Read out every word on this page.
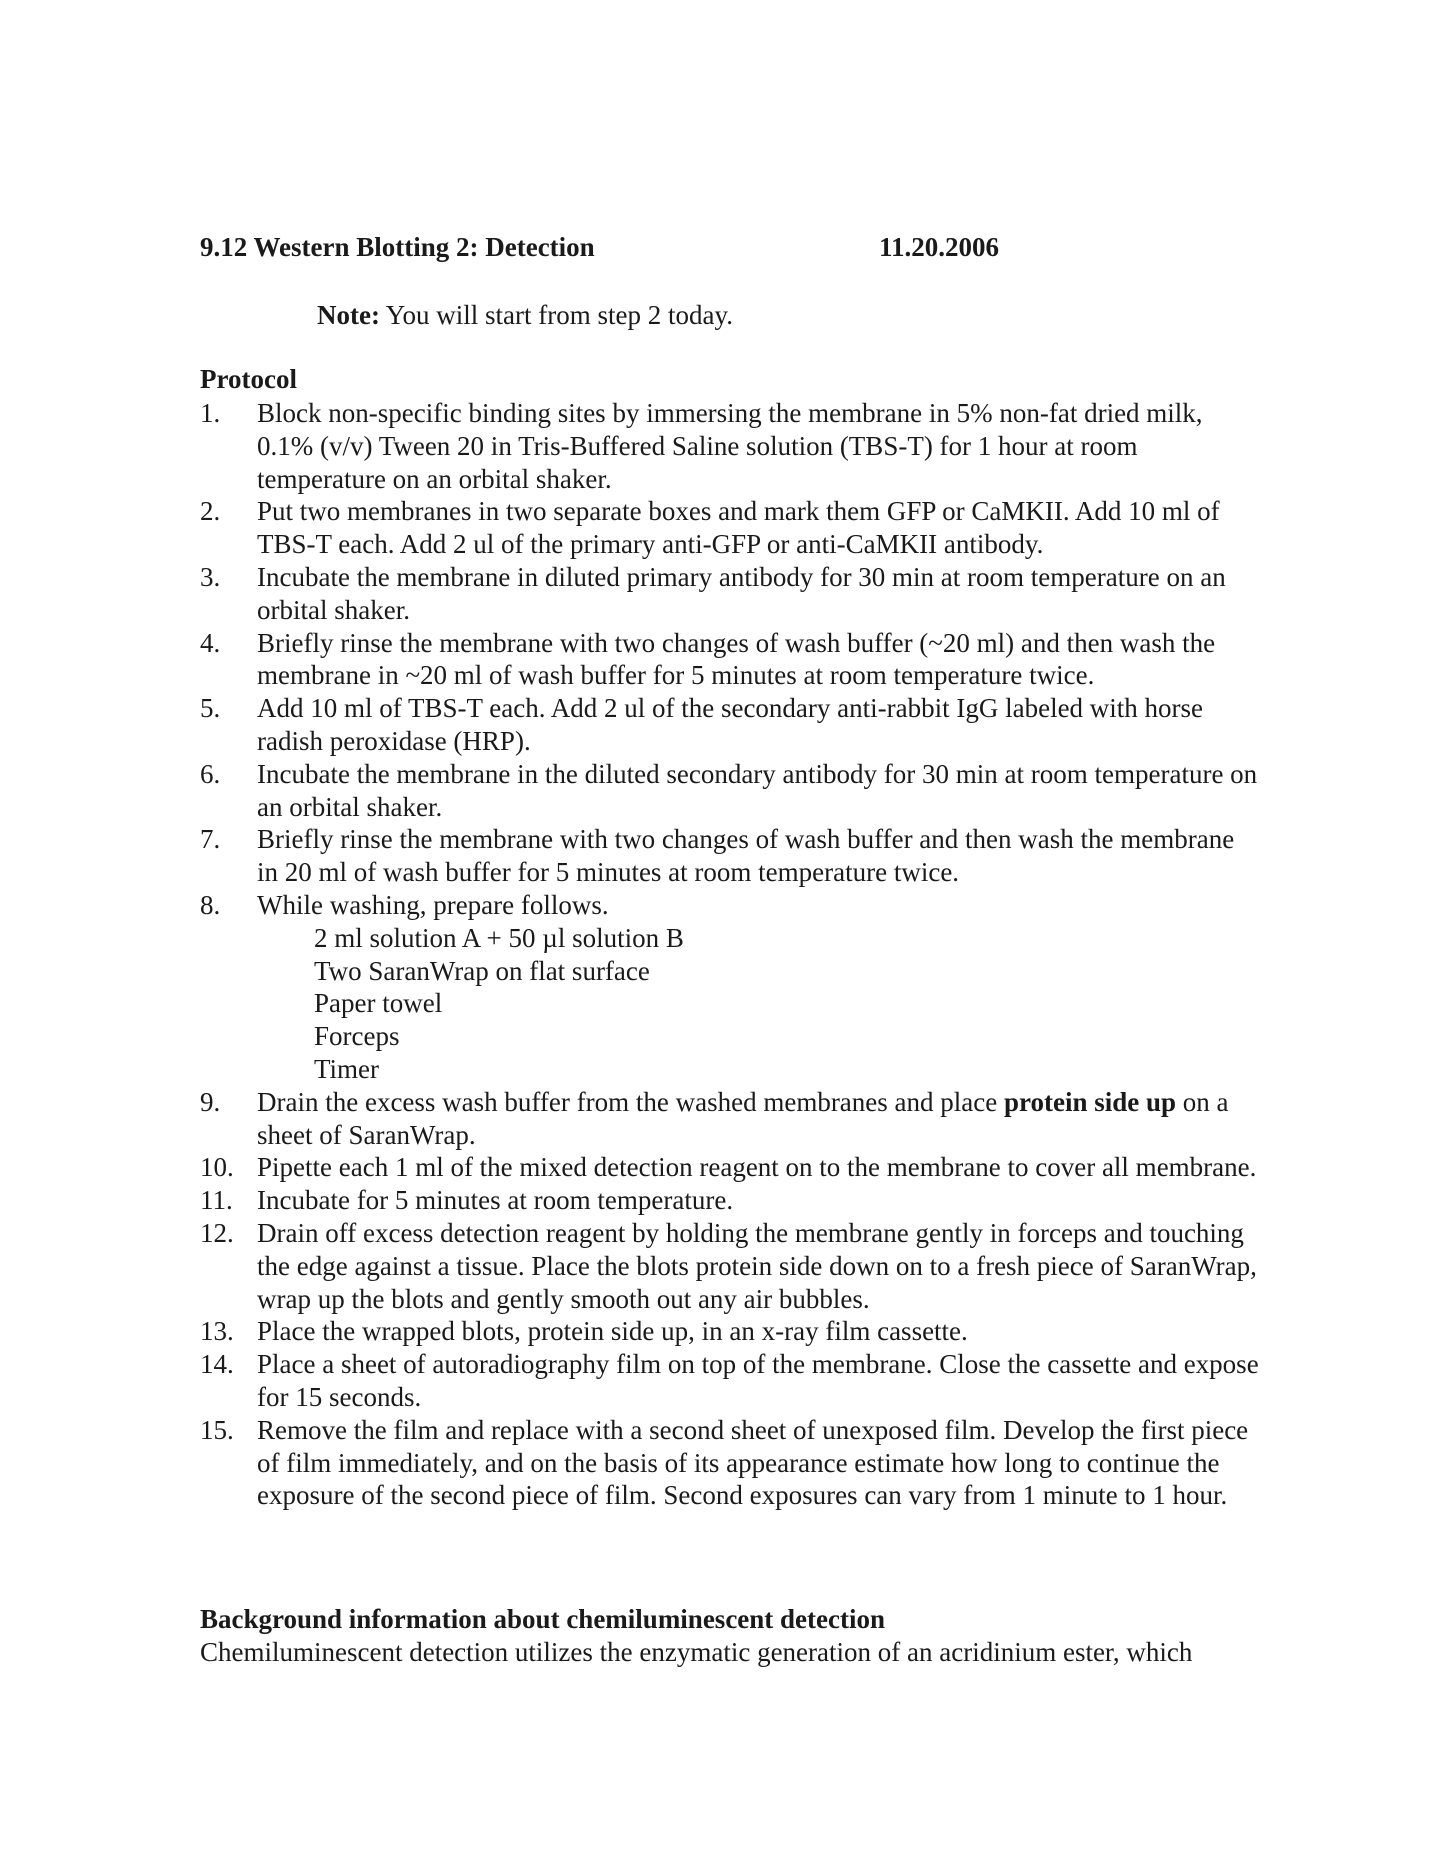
9.12 Western Blotting 2: Detection	11.20.2006
Note: You will start from step 2 today.
Protocol
1.	Block non-specific binding sites by immersing the membrane in 5% non-fat dried milk, 0.1% (v/v) Tween 20 in Tris-Buffered Saline solution (TBS-T) for 1 hour at room temperature on an orbital shaker.
2.	Put two membranes in two separate boxes and mark them GFP or CaMKII. Add 10 ml of TBS-T each. Add 2 ul of the primary anti-GFP or anti-CaMKII antibody.
3.	Incubate the membrane in diluted primary antibody for 30 min at room temperature on an orbital shaker.
4.	Briefly rinse the membrane with two changes of wash buffer (~20 ml) and then wash the membrane in ~20 ml of wash buffer for 5 minutes at room temperature twice.
5.	Add 10 ml of TBS-T each. Add 2 ul of the secondary anti-rabbit IgG labeled with horse radish peroxidase (HRP).
6.	Incubate the membrane in the diluted secondary antibody for 30 min at room temperature on an orbital shaker.
7.	Briefly rinse the membrane with two changes of wash buffer and then wash the membrane in 20 ml of wash buffer for 5 minutes at room temperature twice.
8.	While washing, prepare follows.
2 ml solution A + 50 µl solution B
Two SaranWrap on flat surface
Paper towel
Forceps
Timer
9.	Drain the excess wash buffer from the washed membranes and place protein side up on a sheet of SaranWrap.
10. Pipette each 1 ml of the mixed detection reagent on to the membrane to cover all membrane.
11. Incubate for 5 minutes at room temperature.
12. Drain off excess detection reagent by holding the membrane gently in forceps and touching the edge against a tissue. Place the blots protein side down on to a fresh piece of SaranWrap, wrap up the blots and gently smooth out any air bubbles.
13. Place the wrapped blots, protein side up, in an x-ray film cassette.
14. Place a sheet of autoradiography film on top of the membrane. Close the cassette and expose for 15 seconds.
15. Remove the film and replace with a second sheet of unexposed film. Develop the first piece of film immediately, and on the basis of its appearance estimate how long to continue the exposure of the second piece of film. Second exposures can vary from 1 minute to 1 hour.
Background information about chemiluminescent detection
Chemiluminescent detection utilizes the enzymatic generation of an acridinium ester, which
